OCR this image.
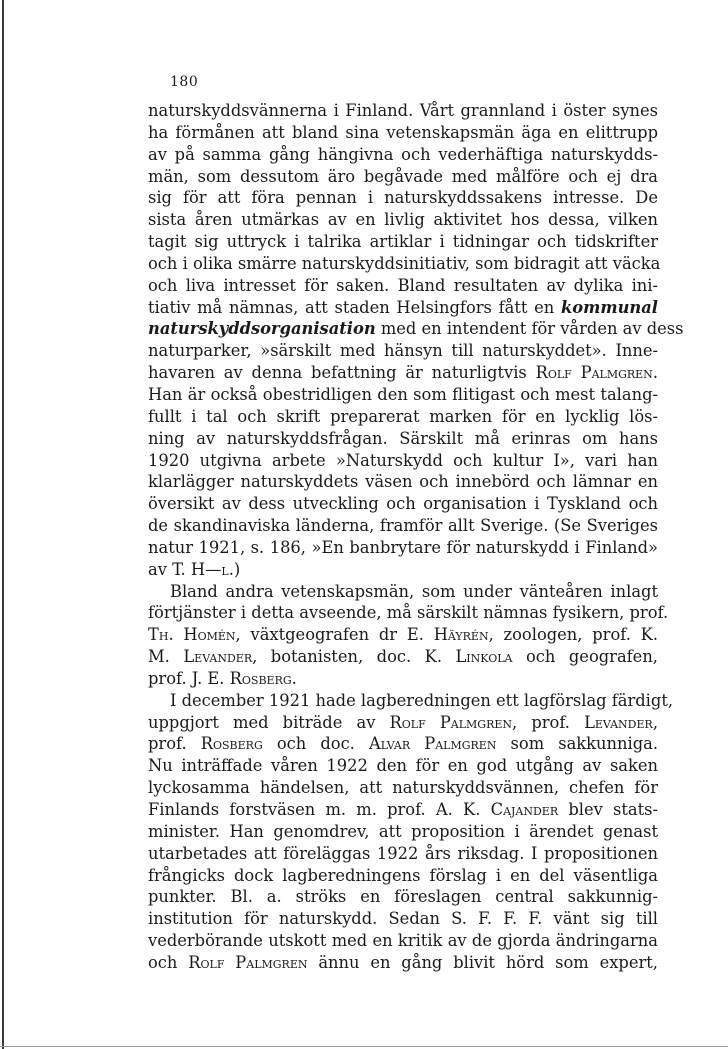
180
naturskyddsvännerna i Finland. Vårt grannland i öster synes
ha förmånen att bland sina vetenskapsmän äga en elittrupp
av på samma gång hängivna och vederhäftiga naturskydds-
män, som dessutom äro begåvade med målföre och ej dra
sig för att föra pennan i naturskyddssakens intresse. De
sista åren utmärkas av en livlig aktivitet hos dessa, vilken
tagit sig uttryck i talrika artiklar i tidningar och tidskrifter
och i olika smärre naturskyddsinitiativ, som bidragit att väcka
och liva intresset för saken. Bland resultaten av dylika ini-
tiativ må nämnas, att staden Helsingfors fått en kommunal
naturskyddsorganisation med en intendent för vården av dess
naturparker, »särskilt med hänsyn till naturskyddet». Inne-
havaren av denna befattning är naturligtvis Rolf Palmgren.
Han är också obestridligen den som flitigast och mest talang-
fullt i tal och skrift preparerat marken för en lycklig lös-
ning av naturskyddsfrågan. Särskilt må erinras om hans
1920 utgivna arbete »Naturskydd och kultur I», vari han
klarlägger naturskyddets väsen och innebörd och lämnar en
översikt av dess utveckling och organisation i Tyskland och
de skandinaviska länderna, framför allt Sverige. (Se Sveriges
natur 1921, s. 186, »En banbrytare för naturskydd i Finland»
av T. H—l.)
Bland andra vetenskapsmän, som under vänteåren inlagt
förtjänster i detta avseende, må särskilt nämnas fysikern, prof.
Th. Homén, växtgeografen dr E. Häyrén, zoologen, prof. K.
M. Levander, botanisten, doc. K. Linkola och geografen,
prof. J. E. Rosberg.
I december 1921 hade lagberedningen ett lagförslag färdigt,
uppgjort med biträde av Rolf Palmgren, prof. Levander,
prof. Rosberg och doc. Alvar Palmgren som sakkunniga.
Nu inträffade våren 1922 den för en god utgång av saken
lyckosamma händelsen, att naturskyddsvännen, chefen för
Finlands forstväsen m. m. prof. A. K. Cajander blev stats-
minister. Han genomdrev, att proposition i ärendet genast
utarbetades att föreläggas 1922 års riksdag. I propositionen
frångicks dock lagberedningens förslag i en del väsentliga
punkter. Bl. a. ströks en föreslagen central sakkunnig-
institution för naturskydd. Sedan S. F. F. F. vänt sig till
vederbörande utskott med en kritik av de gjorda ändringarna
och Rolf Palmgren ännu en gång blivit hörd som expert,
